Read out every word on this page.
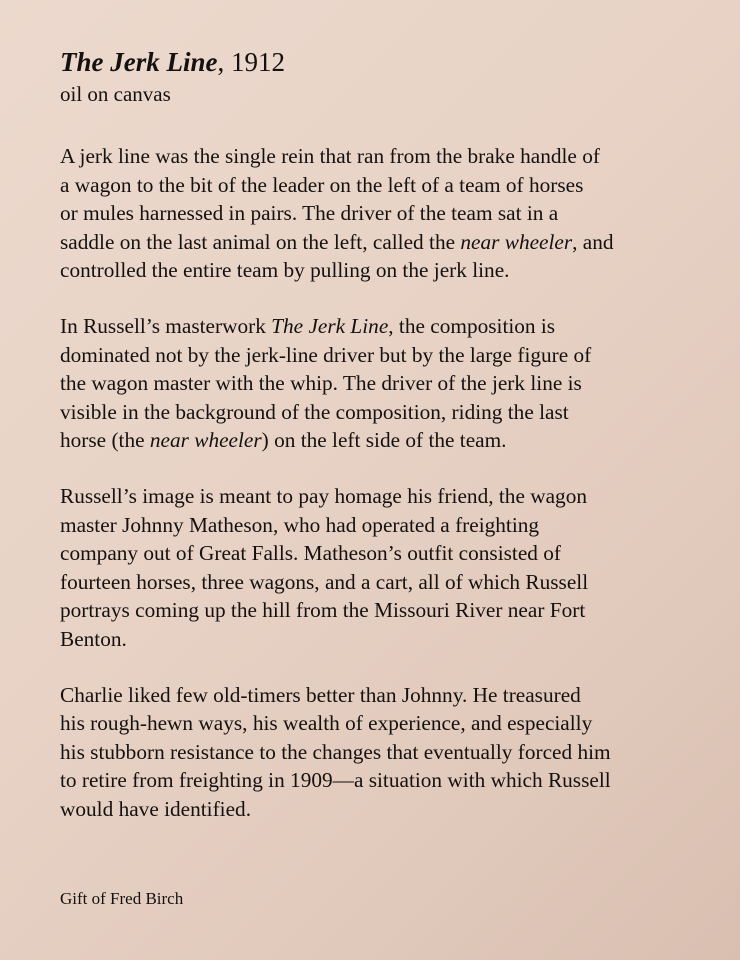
The Jerk Line, 1912

oil on canvas

A jerk line was the single rein that ran from the brake handle of
a wagon to the bit of the leader on the left of a team of horses
or mules harnessed in pairs. The driver of the team sat in a
saddle on the last animal on the left, called the near wheeler, and
controlled the entire team by pulling on the jerk line.

In Russell’s masterwork The Jerk Line, the composition is
dominated not by the jerk-line driver but by the large figure of
the wagon master with the whip. The driver of the jerk line is
visible in the background of the composition, riding the last
horse (the near wheeler) on the left side of the team.

Russell’s image is meant to pay homage his friend, the wagon
master Johnny Matheson, who had operated a freighting
company out of Great Falls. Matheson’s outfit consisted of
fourteen horses, three wagons, and a cart, all of which Russell
portrays coming up the hill from the Missouri River near Fort
Benton.

Charlie liked few old-timers better than Johnny. He treasured
his rough-hewn ways, his wealth of experience, and especially
his stubborn resistance to the changes that eventually forced him
to retire from freighting in 1909—a situation with which Russell
would have identified.

Gift of Fred Birch
